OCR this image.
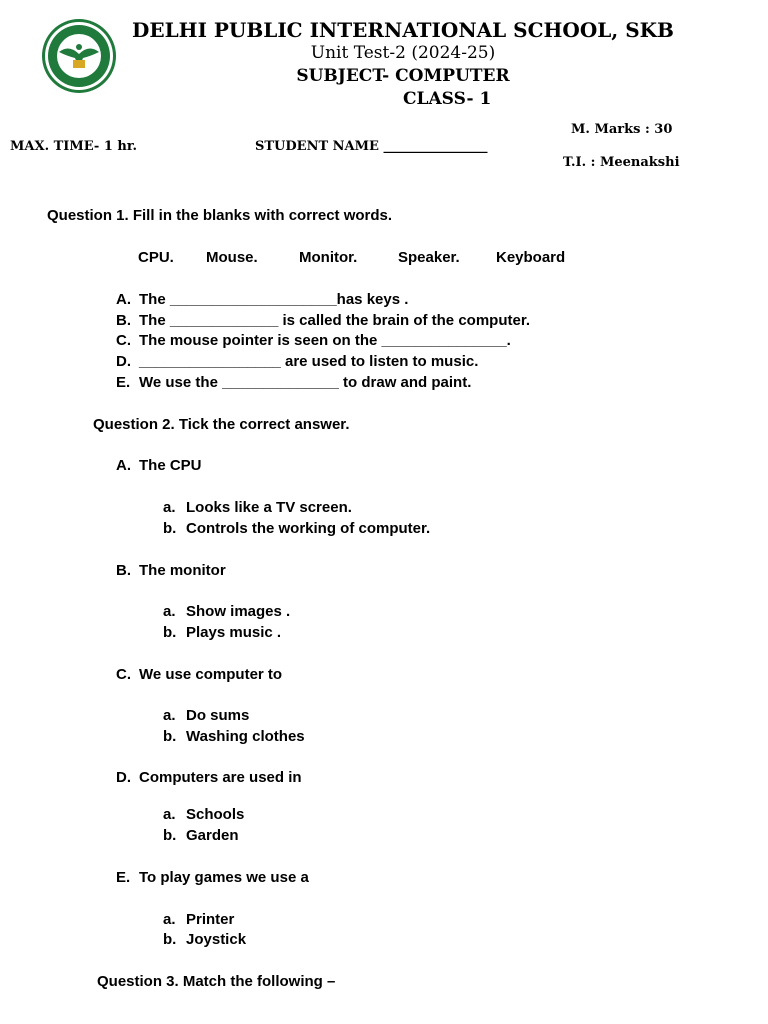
DELHI PUBLIC INTERNATIONAL SCHOOL, SKB
Unit Test-2 (2024-25)
SUBJECT- COMPUTER
CLASS- 1
M. Marks : 30
MAX. TIME- 1 hr.	STUDENT NAME ________________
T.I. : Meenakshi
Question 1. Fill in the blanks with correct words.
CPU. Mouse.	Monitor.	Speaker. Keyboard
A. The ____________________has keys .
B. The _____________ is called the brain of the computer.
C. The mouse pointer is seen on the _______________.
D. _________________ are used to listen to music.
E. We use the ______________ to draw and paint.
Question 2. Tick the correct answer.
A. The CPU
a. Looks like a TV screen.
b. Controls the working of computer.
B. The monitor
a. Show images .
b. Plays music .
C. We use computer to
a. Do sums
b. Washing clothes
D. Computers are used in
a. Schools
b. Garden
E. To play games we use a
a. Printer
b. Joystick
Question 3. Match the following –
